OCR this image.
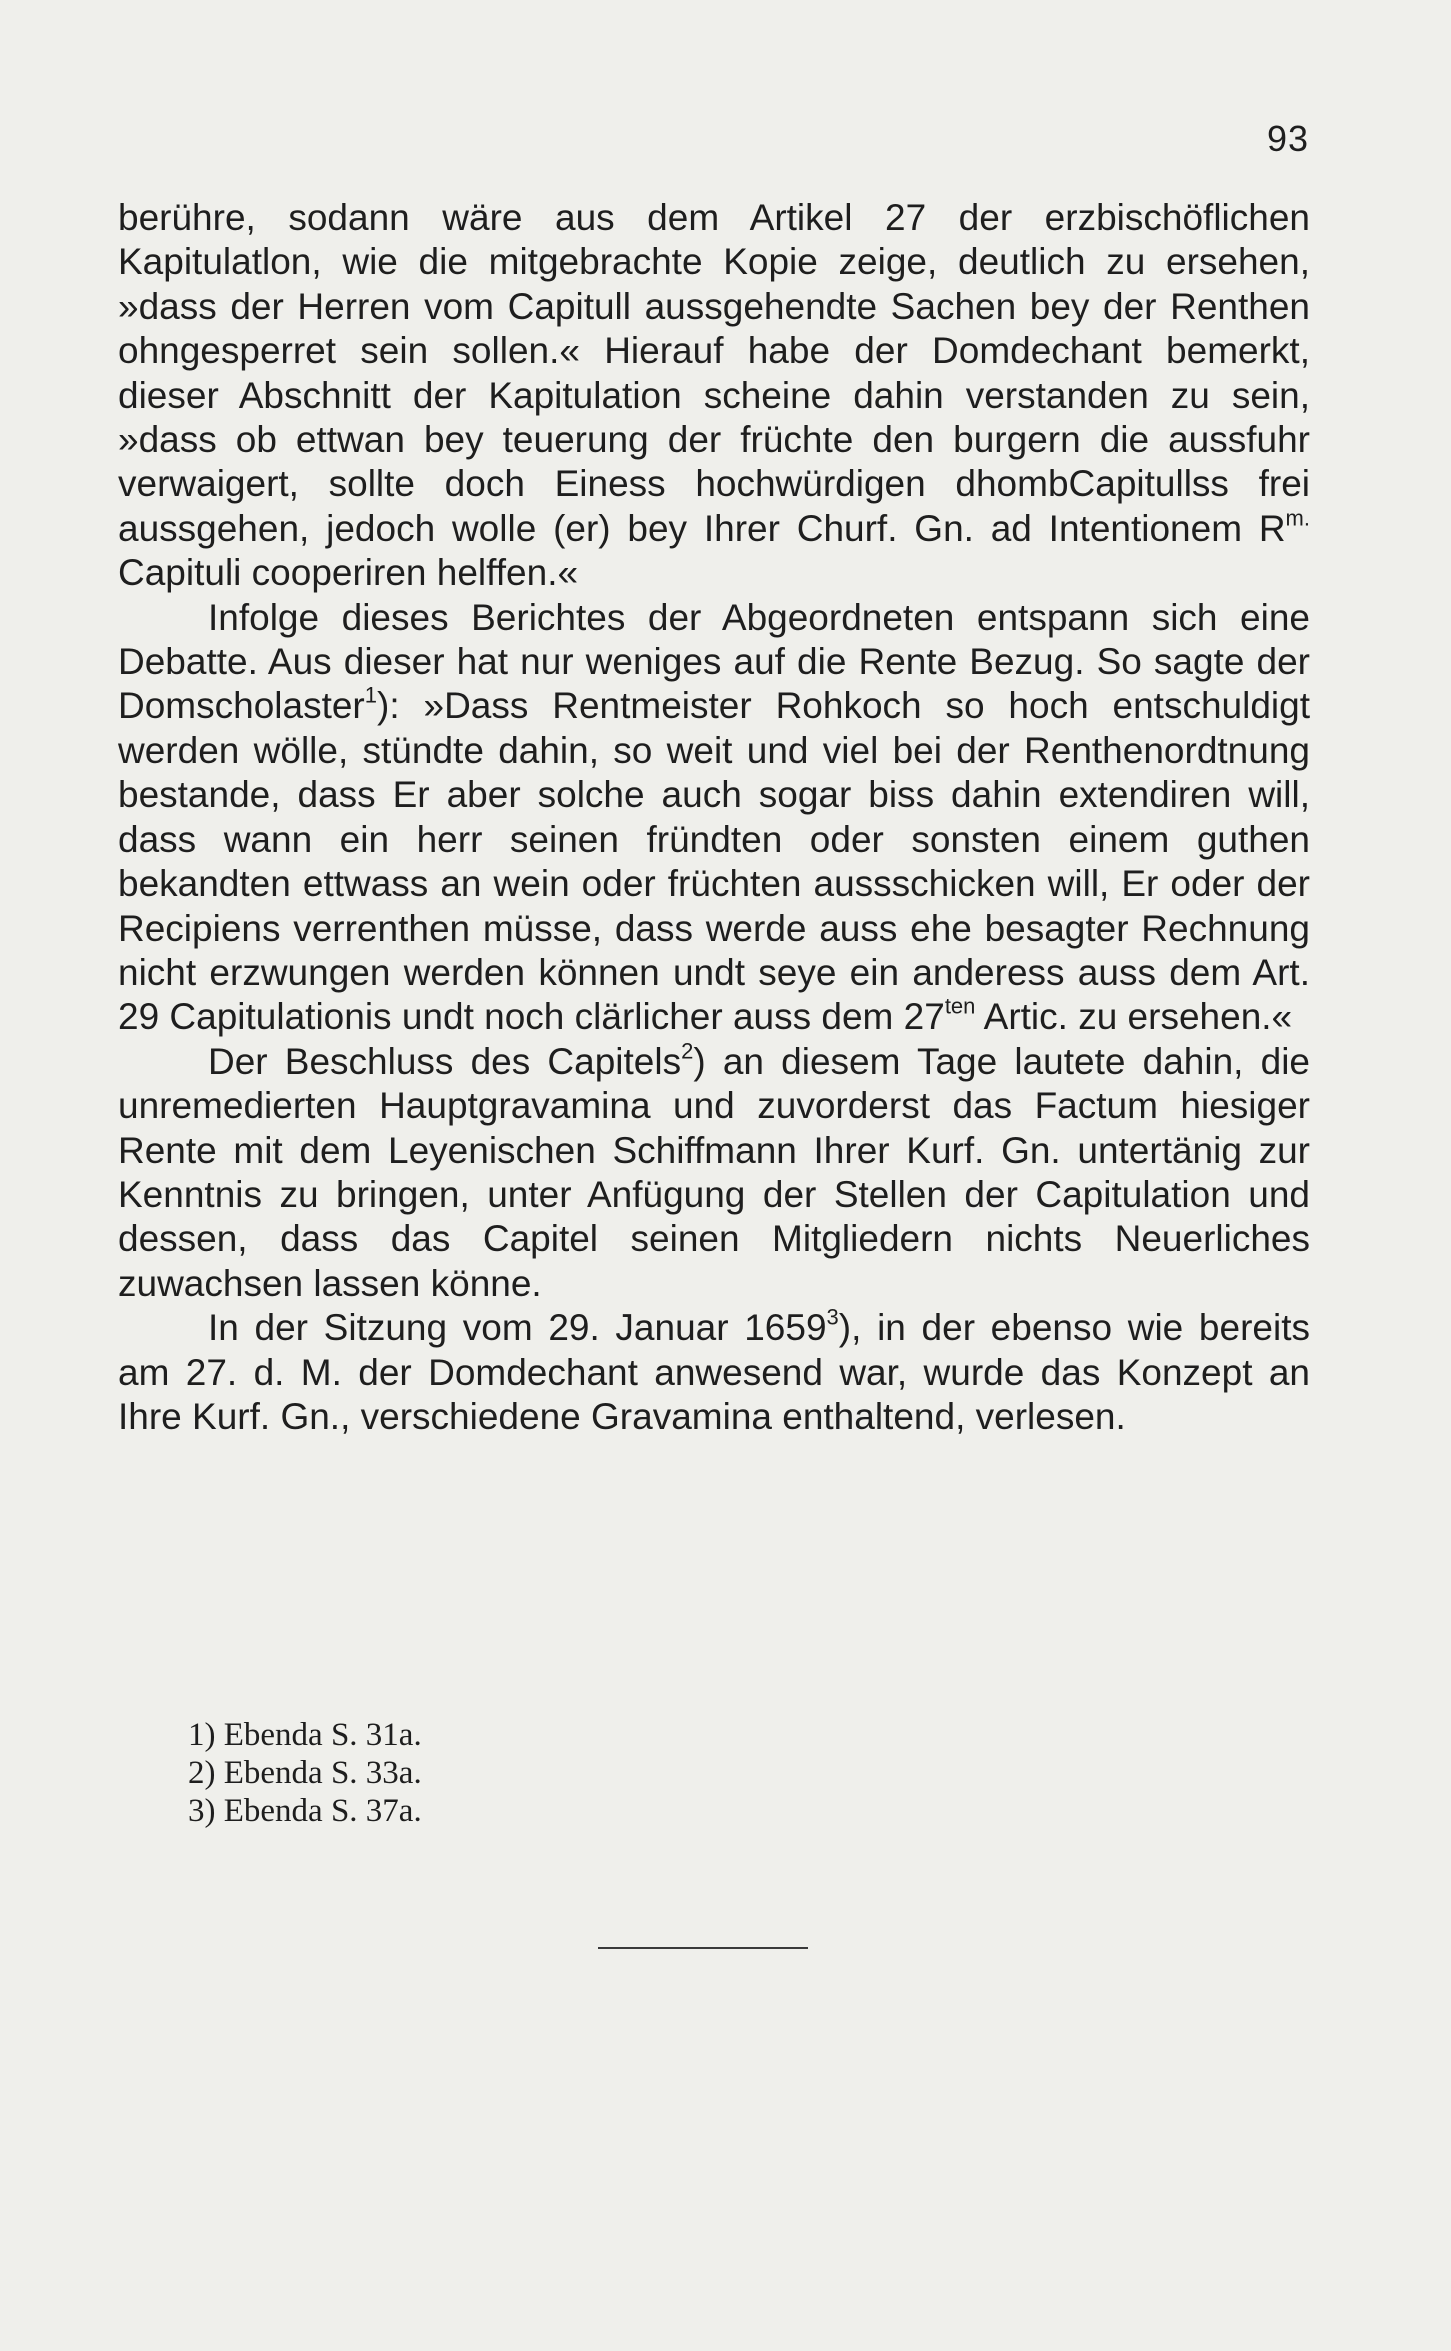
93

berühre, sodann wäre aus dem Artikel 27 der erzbischöflichen Kapitulatlon, wie die mitgebrachte Kopie zeige, deutlich zu ersehen, »dass der Herren vom Capitull aussgehendte Sachen bey der Renthen ohngesperret sein sollen.« Hierauf habe der Domdechant bemerkt, dieser Abschnitt der Kapitulation scheine dahin verstanden zu sein, »dass ob ettwan bey teuerung der früchte den burgern die aussfuhr verwaigert, sollte doch Einess hochwürdigen dhombCapitullss frei aussgehen, jedoch wolle (er) bey Ihrer Churf. Gn. ad Intentionem $R^{m.}$ Capituli cooperiren helffen.«

Infolge dieses Berichtes der Abgeordneten entspann sich eine Debatte. Aus dieser hat nur weniges auf die Rente Bezug. So sagte der Domscholaster$^1$): »Dass Rentmeister Rohkoch so hoch entschuldigt werden wölle, stündte dahin, so weit und viel bei der Renthenordtnung bestande, dass Er aber solche auch sogar biss dahin extendiren will, dass wann ein herr seinen fründten oder sonsten einem guthen bekandten ettwass an wein oder früchten aussschicken will, Er oder der Recipiens verrenthen müsse, dass werde auss ehe besagter Rechnung nicht erzwungen werden können undt seye ein anderess auss dem Art. 29 Capitulationis undt noch clärlicher auss dem $27^{ten}$ Artic. zu ersehen.«

Der Beschluss des Capitels$^2$) an diesem Tage lautete dahin, die unremedierten Hauptgravamina und zuvorderst das Factum hiesiger Rente mit dem Leyenischen Schiffmann Ihrer Kurf. Gn. untertänig zur Kenntnis zu bringen, unter Anfügung der Stellen der Capitulation und dessen, dass das Capitel seinen Mitgliedern nichts Neuerliches zuwachsen lassen könne.

In der Sitzung vom 29. Januar 1659$^3$), in der ebenso wie bereits am 27. d. M. der Domdechant anwesend war, wurde das Konzept an Ihre Kurf. Gn., verschiedene Gravamina enthaltend, verlesen.

1) Ebenda S. 31a.
2) Ebenda S. 33a.
3) Ebenda S. 37a.
